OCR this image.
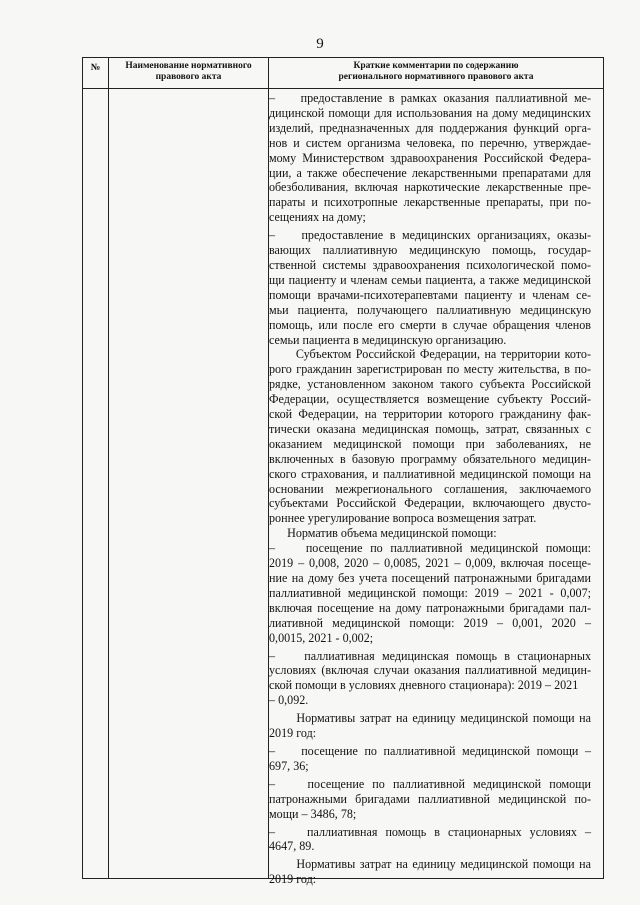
9
№	Наименование нормативного
правового акта
Краткие комментарии по содержанию
регионального нормативного правового акта

–    предоставление в рамках оказания паллиативной ме-

дицинской помощи для использования на дому медицинских

изделий, предназначенных для поддержания функций орга-

нов и систем организма человека, по перечню, утверждае-

мому Министерством здравоохранения Российской Федера-

ции, а также обеспечение лекарственными препаратами для

обезболивания, включая наркотические лекарственные пре-

параты и психотропные лекарственные препараты, при по-

сещениях на дому;

–    предоставление в медицинских организациях, оказы-

вающих паллиативную медицинскую помощь, государ-

ственной системы здравоохранения психологической помо-

щи пациенту и членам семьи пациента, а также медицинской

помощи врачами-психотерапевтами пациенту и членам се-

мьи пациента, получающего паллиативную медицинскую

помощь, или после его смерти в случае обращения членов

семьи пациента в медицинскую организацию.

Субъектом Российской Федерации, на территории кото-

рого гражданин зарегистрирован по месту жительства, в по-

рядке, установленном законом такого субъекта Российской

Федерации, осуществляется возмещение субъекту Россий-

ской Федерации, на территории которого гражданину фак-

тически оказана медицинская помощь, затрат, связанных с

оказанием медицинской помощи при заболеваниях, не

включенных в базовую программу обязательного медицин-

ского страхования, и паллиативной медицинской помощи на

основании межрегионального соглашения, заключаемого

субъектами Российской Федерации, включающего двусто-

роннее урегулирование вопроса возмещения затрат.

Норматив объема медицинской помощи:

–    посещение по паллиативной медицинской помощи:

2019 – 0,008, 2020 – 0,0085, 2021 – 0,009, включая посеще-

ние на дому без учета посещений патронажными бригадами

паллиативной медицинской помощи: 2019 – 2021 - 0,007;

включая посещение на дому патронажными бригадами пал-

лиативной медицинской помощи: 2019 – 0,001, 2020 –

0,0015, 2021 - 0,002;

–    паллиативная медицинская помощь в стационарных

условиях (включая случаи оказания паллиативной медицин-

ской помощи в условиях дневного стационара): 2019 – 2021

– 0,092.

Нормативы затрат на единицу медицинской помощи на

2019 год:

–    посещение по паллиативной медицинской помощи –

697, 36;

–    посещение по паллиативной медицинской помощи

патронажными бригадами паллиативной медицинской по-

мощи – 3486, 78;

–    паллиативная помощь в стационарных условиях –

4647, 89.

Нормативы затрат на единицу медицинской помощи на

2019 год:
